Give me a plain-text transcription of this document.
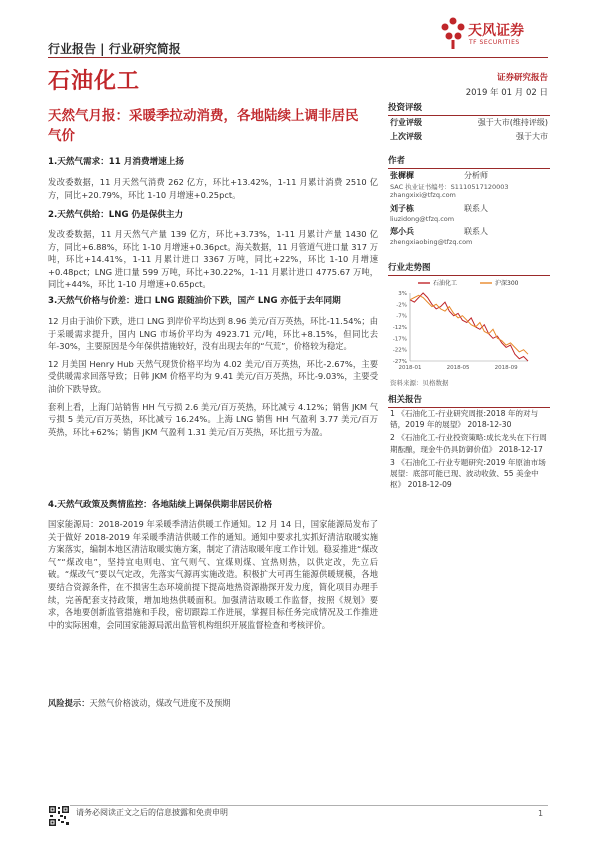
行业报告 | 行业研究简报
天风证券
TF SECURITIES
石油化工	证券研究报告
2019 年 01 月 02 日
天然气月报：采暖季拉动消费，各地陆续上调非居民气价
投资评级
行业评级	强于大市(维持评级)
上次评级	强于大市
作者
张樨樨	分析师
SAC 执业证书编号：S1110517120003
zhangxixi@tfzq.com
刘子栋	联系人
liuzidong@tfzq.com
郑小兵	联系人
zhengxiaobing@tfzq.com
行业走势图
3%
-2%
-7%
-12%
-17%
-22%
-27%
2018-01	2018-05	2018-09
石油化工	沪深300
资料来源：贝格数据
相关报告
1 《石油化工-行业研究周报:2018 年的对与错，2019 年的展望》 2018-12-30
2 《石油化工-行业投资策略:成长龙头在下行周期酝酿，现金牛仍具防御价值》 2018-12-17
3 《石油化工-行业专题研究:2019 年原油市场展望：底部可能已现、波动收敛、55 美金中枢》 2018-12-09
1.天然气需求：11 月消费增速上扬

发改委数据，11 月天然气消费 262 亿方，环比+13.42%，1-11 月累计消费 2510 亿方，同比+20.79%，环比 1-10 月增速+0.25pct。

2.天然气供给：LNG 仍是保供主力

发改委数据，11 月天然气产量 139 亿方，环比+3.73%，1-11 月累计产量 1430 亿方，同比+6.88%，环比 1-10 月增速+0.36pct。海关数据，11 月管道气进口量 317 万吨，环比+14.41%，1-11 月累计进口 3367 万吨，同比+22%，环比 1-10 月增速+0.48pct；LNG 进口量 599 万吨，环比+30.22%，1-11 月累计进口 4775.67 万吨，同比+44%，环比 1-10 月增速+0.65pct。

3.天然气价格与价差：进口 LNG 跟随油价下跌，国产 LNG 亦低于去年同期

12 月由于油价下跌，进口 LNG 到岸价平均达到 8.96 美元/百万英热，环比-11.54%；由于采暖需求提升，国内 LNG 市场价平均为 4923.71 元/吨，环比+8.15%，但同比去年-30%，主要原因是今年保供措施较好，没有出现去年的“气荒”，价格较为稳定。

12 月美国 Henry Hub 天然气现货价格平均为 4.02 美元/百万英热，环比-2.67%，主要受供暖需求回落导致；日韩 JKM 价格平均为 9.41 美元/百万英热，环比-9.03%，主要受油价下跌导致。

套利上看，上海门站销售 HH 气亏损 2.6 美元/百万英热，环比减亏 4.12%；销售 JKM 气亏损 5 美元/百万英热，环比减亏 16.24%。上海 LNG 销售 HH 气盈利 3.77 美元/百万英热，环比+62%；销售 JKM 气盈利 1.31 美元/百万英热，环比扭亏为盈。

4.天然气政策及舆情监控：各地陆续上调保供期非居民价格

国家能源局：2018-2019 年采暖季清洁供暖工作通知。12 月 14 日，国家能源局发布了关于做好 2018-2019 年采暖季清洁供暖工作的通知。通知中要求扎实抓好清洁取暖实施方案落实，编制本地区清洁取暖实施方案，制定了清洁取暖年度工作计划。稳妥推进“煤改气”“煤改电”，坚持宜电则电、宜气则气、宜煤则煤、宜热则热，以供定改，先立后破。“煤改气”要以气定改，先落实气源再实施改造。积极扩大可再生能源供暖规模，各地要结合资源条件，在不损害生态环境前提下提高地热资源勘探开发力度，简化项目办理手续，完善配套支持政策，增加地热供暖面积。加强清洁取暖工作监督，按照《规划》要求，各地要创新监管措施和手段，密切跟踪工作进展，掌握目标任务完成情况及工作推进中的实际困难，会同国家能源局派出监管机构组织开展监督检查和考核评价。

风险提示：天然气价格波动，煤改气进度不及预期
请务必阅读正文之后的信息披露和免责申明	1
